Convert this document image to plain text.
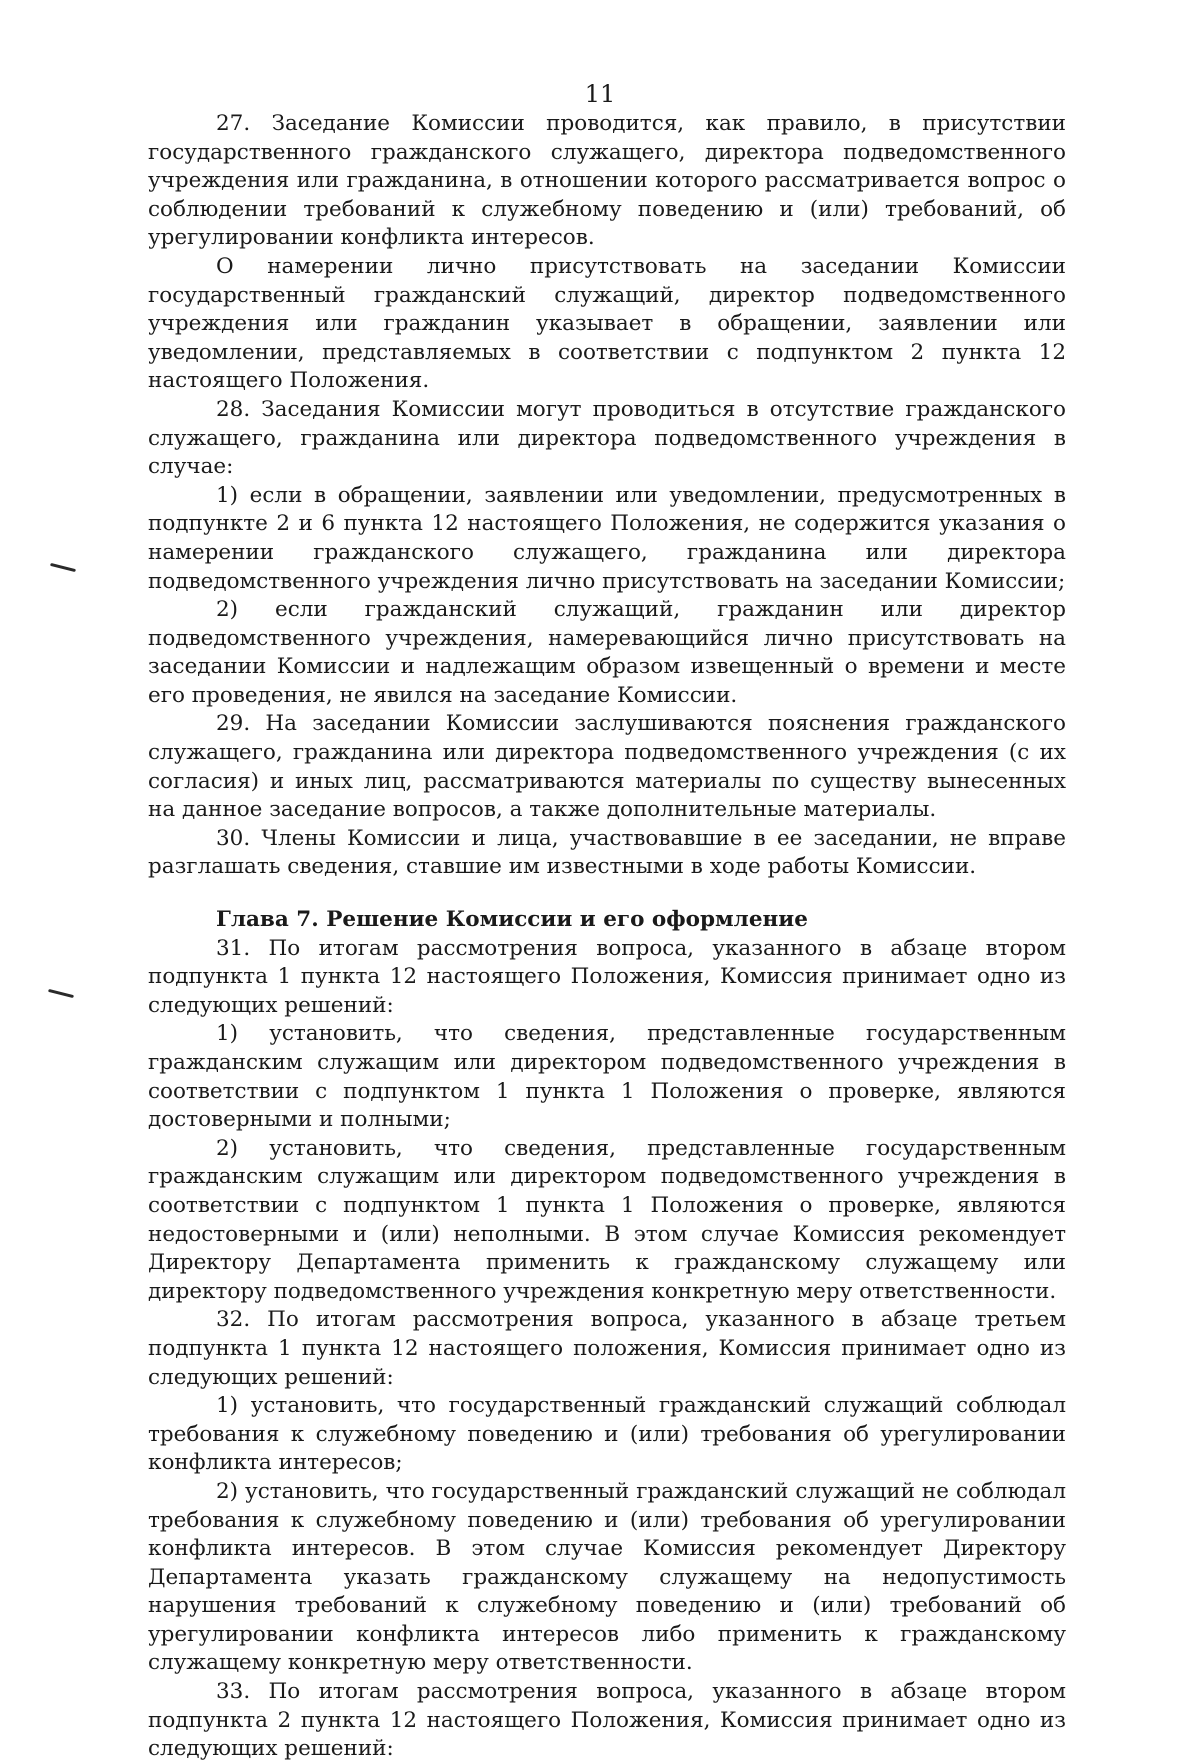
11

27. Заседание Комиссии проводится, как правило, в присутствии государственного гражданского служащего, директора подведомственного учреждения или гражданина, в отношении которого рассматривается вопрос о соблюдении требований к служебному поведению и (или) требований, об урегулировании конфликта интересов.

О намерении лично присутствовать на заседании Комиссии государственный гражданский служащий, директор подведомственного учреждения или гражданин указывает в обращении, заявлении или уведомлении, представляемых в соответствии с подпунктом 2 пункта 12 настоящего Положения.

28. Заседания Комиссии могут проводиться в отсутствие гражданского служащего, гражданина или директора подведомственного учреждения в случае:

1) если в обращении, заявлении или уведомлении, предусмотренных в подпункте 2 и 6 пункта 12 настоящего Положения, не содержится указания о намерении гражданского служащего, гражданина или директора подведомственного учреждения лично присутствовать на заседании Комиссии;

2) если гражданский служащий, гражданин или директор подведомственного учреждения, намеревающийся лично присутствовать на заседании Комиссии и надлежащим образом извещенный о времени и месте его проведения, не явился на заседание Комиссии.

29. На заседании Комиссии заслушиваются пояснения гражданского служащего, гражданина или директора подведомственного учреждения (с их согласия) и иных лиц, рассматриваются материалы по существу вынесенных на данное заседание вопросов, а также дополнительные материалы.

30. Члены Комиссии и лица, участвовавшие в ее заседании, не вправе разглашать сведения, ставшие им известными в ходе работы Комиссии.

Глава 7. Решение Комиссии и его оформление

31. По итогам рассмотрения вопроса, указанного в абзаце втором подпункта 1 пункта 12 настоящего Положения, Комиссия принимает одно из следующих решений:

1) установить, что сведения, представленные государственным гражданским служащим или директором подведомственного учреждения в соответствии с подпунктом 1 пункта 1 Положения о проверке, являются достоверными и полными;

2) установить, что сведения, представленные государственным гражданским служащим или директором подведомственного учреждения в соответствии с подпунктом 1 пункта 1 Положения о проверке, являются недостоверными и (или) неполными. В этом случае Комиссия рекомендует Директору Департамента применить к гражданскому служащему или директору подведомственного учреждения конкретную меру ответственности.

32. По итогам рассмотрения вопроса, указанного в абзаце третьем подпункта 1 пункта 12 настоящего положения, Комиссия принимает одно из следующих решений:

1) установить, что государственный гражданский служащий соблюдал требования к служебному поведению и (или) требования об урегулировании конфликта интересов;

2) установить, что государственный гражданский служащий не соблюдал требования к служебному поведению и (или) требования об урегулировании конфликта интересов. В этом случае Комиссия рекомендует Директору Департамента указать гражданскому служащему на недопустимость нарушения требований к служебному поведению и (или) требований об урегулировании конфликта интересов либо применить к гражданскому служащему конкретную меру ответственности.

33. По итогам рассмотрения вопроса, указанного в абзаце втором подпункта 2 пункта 12 настоящего Положения, Комиссия принимает одно из следующих решений:
